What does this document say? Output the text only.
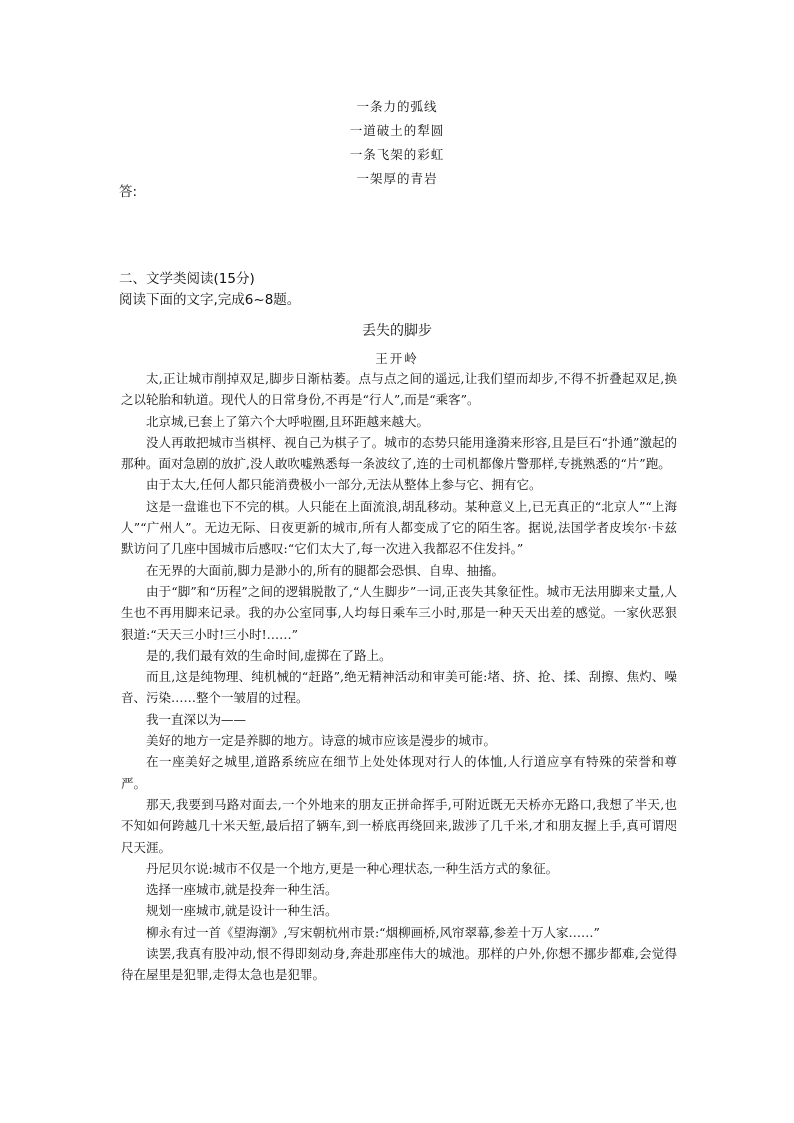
一条力的弧线
一道破土的犁圆
一条飞架的彩虹
一架厚的青岩
答:
二、文学类阅读(15分)
阅读下面的文字,完成6~8题。
丢失的脚步
王开岭

太,正让城市削掉双足,脚步日渐枯萎。点与点之间的遥远,让我们望而却步,不得不折叠起双足,换之以轮胎和轨道。现代人的日常身份,不再是“行人”,而是“乘客”。

北京城,已套上了第六个大呼啦圈,且环距越来越大。

没人再敢把城市当棋枰、视自己为棋子了。城市的态势只能用逢漪来形容,且是巨石“扑通”激起的那种。面对急剧的放扩,没人敢吹嘘熟悉每一条波纹了,连的士司机都像片警那样,专挑熟悉的“片”跑。

由于太大,任何人都只能消费极小一部分,无法从整体上参与它、拥有它。

这是一盘谁也下不完的棋。人只能在上面流浪,胡乱移动。某种意义上,已无真正的“北京人”“上海人”“广州人”。无边无际、日夜更新的城市,所有人都变成了它的陌生客。据说,法国学者皮埃尔·卡兹默访问了几座中国城市后感叹:“它们太大了,每一次进入我都忍不住发抖。”

在无界的大面前,脚力是渺小的,所有的腿都会恐惧、自卑、抽搐。

由于“脚”和“历程”之间的逻辑脱散了,“人生脚步”一词,正丧失其象征性。城市无法用脚来丈量,人生也不再用脚来记录。我的办公室同事,人均每日乘车三小时,那是一种天天出差的感觉。一家伙恶狠狠道:“天天三小时!三小时!……”

是的,我们最有效的生命时间,虚掷在了路上。

而且,这是纯物理、纯机械的“赶路”,绝无精神活动和审美可能:堵、挤、抢、揉、刮擦、焦灼、噪音、污染……整个一皱眉的过程。

我一直深以为——

美好的地方一定是养脚的地方。诗意的城市应该是漫步的城市。

在一座美好之城里,道路系统应在细节上处处体现对行人的体恤,人行道应享有特殊的荣誉和尊严。

那天,我要到马路对面去,一个外地来的朋友正拼命挥手,可附近既无天桥亦无路口,我想了半天,也不知如何跨越几十米天堑,最后招了辆车,到一桥底再绕回来,跋涉了几千米,才和朋友握上手,真可谓咫尺天涯。

丹尼贝尔说:城市不仅是一个地方,更是一种心理状态,一种生活方式的象征。

选择一座城市,就是投奔一种生活。

规划一座城市,就是设计一种生活。

柳永有过一首《望海潮》,写宋朝杭州市景:“烟柳画桥,风帘翠幕,参差十万人家……”

读罢,我真有股冲动,恨不得即刻动身,奔赴那座伟大的城池。那样的户外,你想不挪步都难,会觉得待在屋里是犯罪,走得太急也是犯罪。
